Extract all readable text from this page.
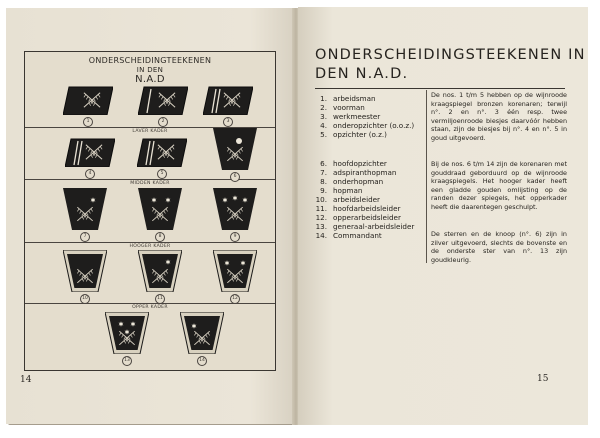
ONDERSCHEIDINGTEEKENEN
IN DEN
N.A.D
LAVER KADER
MIDDEN KADER
HOOGER KADER
OPPER KADER
1	2	3
4	5
6
7	8	9
10	11	12
13	14
14
ONDERSCHEIDINGSTEEKENEN IN
DEN N.A.D.
1. arbeidsman
2. voorman
3. werkmeester
4. onderopzichter (o.o.z.)
5. opzichter (o.z.)
6. hoofdopzichter
7. adspiranthopman
8. onderhopman
9. hopman
10. arbeidsleider
11. hoofdarbeidsleider
12. opperarbeidsleider
13. generaal-arbeidsleider
14. Commandant
De nos. 1 t/m 5 hebben op de wijnroode kraagspiegel bronzen korenaren; terwijl n°. 2 en n°. 3 één resp. twee vermiljoenroode biesjes daarvóór hebben staan, zijn de biesjes bij n°. 4 en n°. 5 in goud uitgevoerd.
Bij de nos. 6 t/m 14 zijn de korenaren met gouddraad geborduurd op de wijnroode kraagspiegels. Het hooger kader heeft een gladde gouden omlijsting op de randen dezer spiegels, het opperkader heeft die daarentegen geschulpt.
De sterren en de knoop (n°. 6) zijn in zilver uitgevoerd, slechts de bovenste en de onderste ster van n°. 13 zijn goudkleurig.
15
